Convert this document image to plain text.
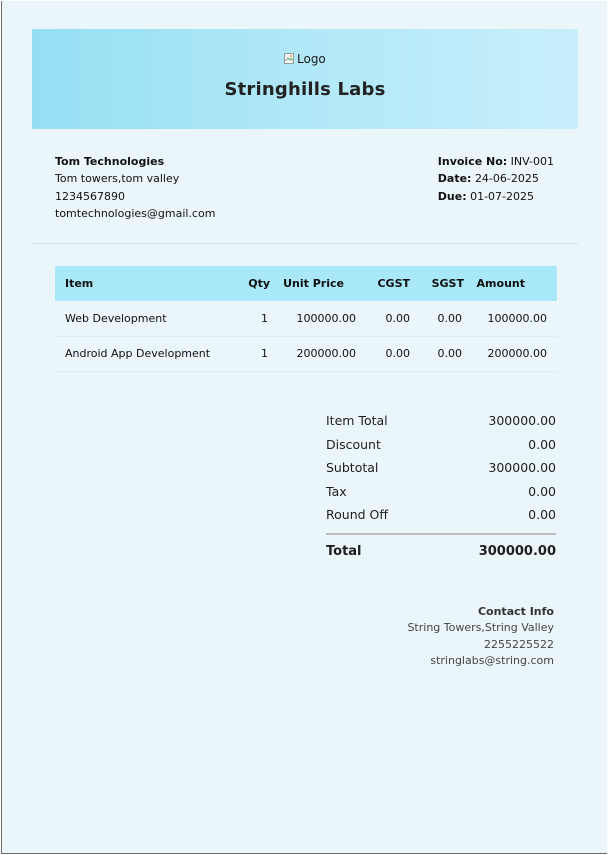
Logo
Stringhills Labs
Tom Technologies
Tom towers,tom valley
1234567890
tomtechnologies@gmail.com
Invoice No: INV-001
Date: 24-06-2025
Due: 01-07-2025
Item	Qty	Unit Price	CGST	SGST	Amount
Web Development	1	100000.00	0.00	0.00	100000.00
Android App Development	1	200000.00	0.00	0.00	200000.00
Item Total	300000.00
Discount	0.00
Subtotal	300000.00
Tax	0.00
Round Off	0.00
Total	300000.00
Contact Info
String Towers,String Valley
2255225522
stringlabs@string.com
